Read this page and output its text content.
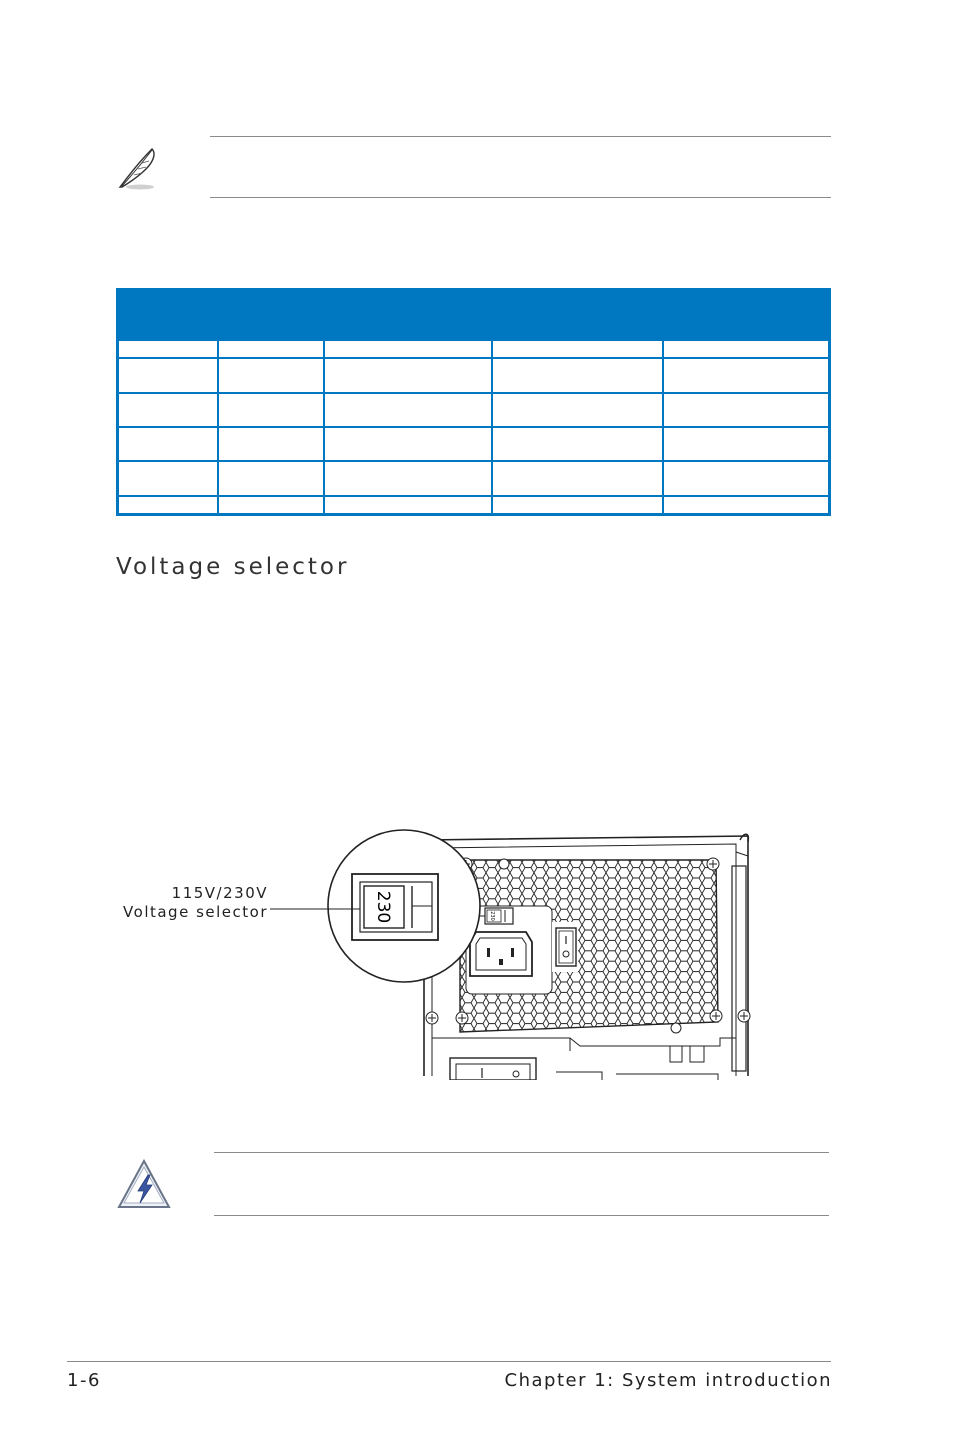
Voltage selector
115V/230V
Voltage selector	230
230
1-6	Chapter 1: System introduction
